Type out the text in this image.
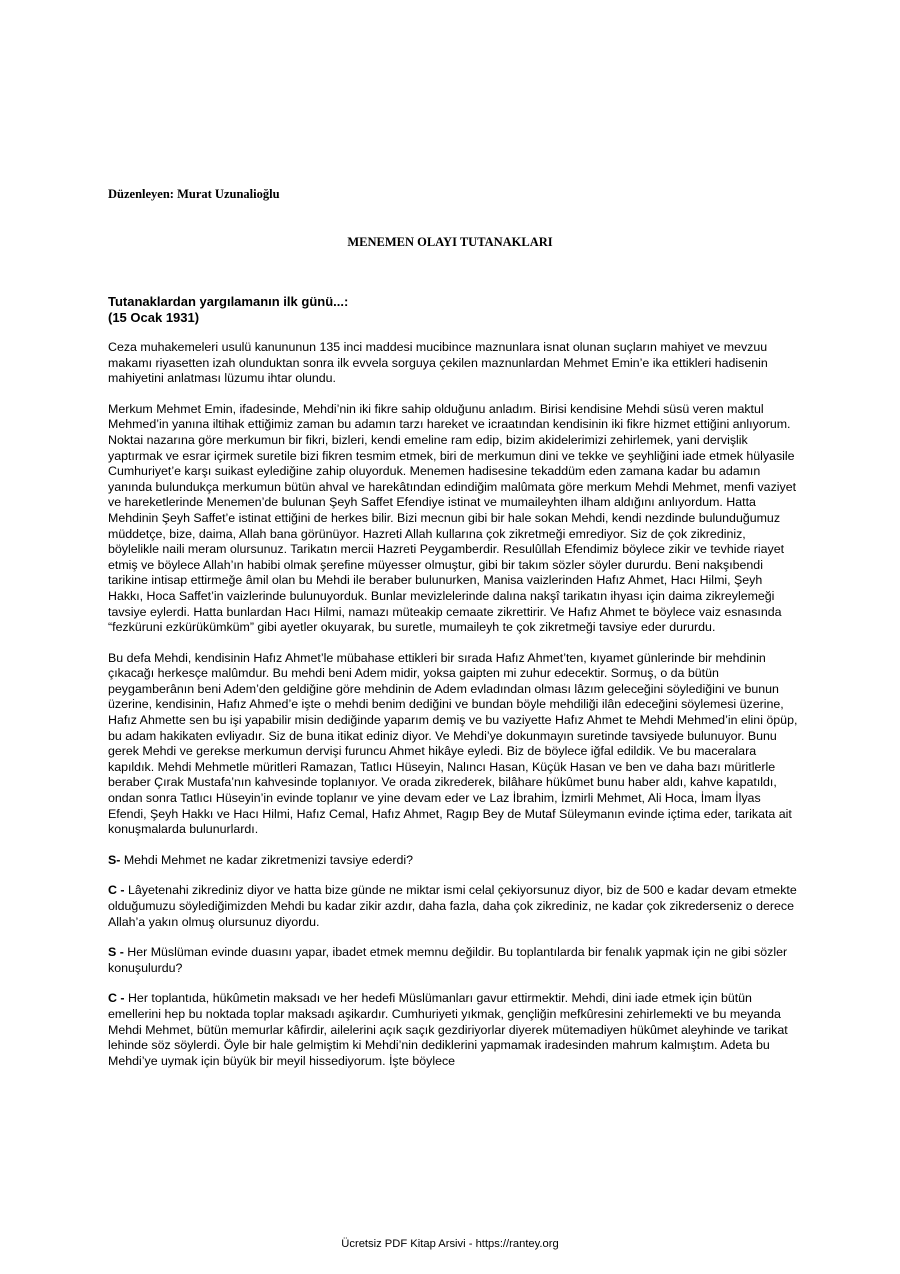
Düzenleyen: Murat Uzunalioğlu
MENEMEN OLAYI TUTANAKLARI
Tutanaklardan yargılamanın ilk günü...:
(15 Ocak 1931)

Ceza muhakemeleri usulü kanununun 135 inci maddesi mucibince maznunlara isnat olunan suçların mahiyet ve mevzuu makamı riyasetten izah olunduktan sonra ilk evvela sorguya çekilen maznunlardan Mehmet Emin’e ika ettikleri hadisenin mahiyetini anlatması lüzumu ihtar olundu.

Merkum Mehmet Emin, ifadesinde, Mehdi’nin iki fikre sahip olduğunu anladım. Birisi kendisine Mehdi süsü veren maktul Mehmed’in yanına iltihak ettiğimiz zaman bu adamın tarzı hareket ve icraatından kendisinin iki fikre hizmet ettiğini anlıyorum. Noktai nazarına göre merkumun bir fikri, bizleri, kendi emeline ram edip, bizim akidelerimizi zehirlemek, yani dervişlik yaptırmak ve esrar içirmek suretile bizi fikren tesmim etmek, biri de merkumun dini ve tekke ve şeyhliğini iade etmek hülyasile Cumhuriyet’e karşı suikast eylediğine zahip oluyorduk. Menemen hadisesine tekaddüm eden zamana kadar bu adamın yanında bulundukça merkumun bütün ahval ve harekâtından edindiğim malûmata göre merkum Mehdi Mehmet, menfi vaziyet ve hareketlerinde Menemen’de bulunan Şeyh Saffet Efendiye istinat ve mumaileyhten ilham aldığını anlıyordum. Hatta Mehdinin Şeyh Saffet’e istinat ettiğini de herkes bilir. Bizi mecnun gibi bir hale sokan Mehdi, kendi nezdinde bulunduğumuz müddetçe, bize, daima, Allah bana görünüyor. Hazreti Allah kullarına çok zikretmeği emrediyor. Siz de çok zikrediniz, böylelikle naili meram olursunuz. Tarikatın mercii Hazreti Peygamberdir. Resulûllah Efendimiz böylece zikir ve tevhide riayet etmiş ve böylece Allah’ın habibi olmak şerefine müyesser olmuştur, gibi bir takım sözler söyler dururdu. Beni nakşıbendi tarikine intisap ettirmeğe âmil olan bu Mehdi ile beraber bulunurken, Manisa vaizlerinden Hafız Ahmet, Hacı Hilmi, Şeyh Hakkı, Hoca Saffet’in vaizlerinde bulunuyorduk. Bunlar mevizlelerinde dalına nakşî tarikatın ihyası için daima zikreylemeği tavsiye eylerdi. Hatta bunlardan Hacı Hilmi, namazı müteakip cemaate zikrettirir. Ve Hafız Ahmet te böylece vaiz esnasında “fezküruni ezkürükümküm” gibi ayetler okuyarak, bu suretle, mumaileyh te çok zikretmeği tavsiye eder dururdu.

Bu defa Mehdi, kendisinin Hafız Ahmet’le mübahase ettikleri bir sırada Hafız Ahmet’ten, kıyamet günlerinde bir mehdinin çıkacağı herkesçe malûmdur. Bu mehdi beni Adem midir, yoksa gaipten mi zuhur edecektir. Sormuş, o da bütün peygamberânın beni Adem’den geldiğine göre mehdinin de Adem evladından olması lâzım geleceğini söylediğini ve bunun üzerine, kendisinin, Hafız Ahmed’e işte o mehdi benim dediğini ve bundan böyle mehdiliği ilân edeceğini söylemesi üzerine, Hafız Ahmette sen bu işi yapabilir misin dediğinde yaparım demiş ve bu vaziyette Hafız Ahmet te Mehdi Mehmed’in elini öpüp, bu adam hakikaten evliyadır. Siz de buna itikat ediniz diyor. Ve Mehdi’ye dokunmayın suretinde tavsiyede bulunuyor. Bunu gerek Mehdi ve gerekse merkumun dervişi furuncu Ahmet hikâye eyledi. Biz de böylece iğfal edildik. Ve bu maceralara kapıldık. Mehdi Mehmetle müritleri Ramazan, Tatlıcı Hüseyin, Nalıncı Hasan, Küçük Hasan ve ben ve daha bazı müritlerle beraber Çırak Mustafa’nın kahvesinde toplanıyor. Ve orada zikrederek, bilâhare hükûmet bunu haber aldı, kahve kapatıldı, ondan sonra Tatlıcı Hüseyin’in evinde toplanır ve yine devam eder ve Laz İbrahim, İzmirli Mehmet, Ali Hoca, İmam İlyas Efendi, Şeyh Hakkı ve Hacı Hilmi, Hafız Cemal, Hafız Ahmet, Ragıp Bey de Mutaf Süleymanın evinde içtima eder, tarikata ait konuşmalarda bulunurlardı.

S- Mehdi Mehmet ne kadar zikretmenizi tavsiye ederdi?

C - Lâyetenahi zikrediniz diyor ve hatta bize günde ne miktar ismi celal çekiyorsunuz diyor, biz de 500 e kadar devam etmekte olduğumuzu söylediğimizden Mehdi bu kadar zikir azdır, daha fazla, daha çok zikrediniz, ne kadar çok zikrederseniz o derece Allah’a yakın olmuş olursunuz diyordu.

S - Her Müslüman evinde duasını yapar, ibadet etmek memnu değildir. Bu toplantılarda bir fenalık yapmak için ne gibi sözler konuşulurdu?

C - Her toplantıda, hükûmetin maksadı ve her hedefi Müslümanları gavur ettirmektir. Mehdi, dini iade etmek için bütün emellerini hep bu noktada toplar maksadı aşikardır. Cumhuriyeti yıkmak, gençliğin mefkûresini zehirlemekti ve bu meyanda Mehdi Mehmet, bütün memurlar kâfirdir, ailelerini açık saçık gezdiriyorlar diyerek mütemadiyen hükûmet aleyhinde ve tarikat lehinde söz söylerdi. Öyle bir hale gelmiştim ki Mehdi’nin dediklerini yapmamak iradesinden mahrum kalmıştım. Adeta bu Mehdi’ye uymak için büyük bir meyil hissediyorum. İşte böylece

Ücretsiz PDF Kitap Arsivi - https://rantey.org
